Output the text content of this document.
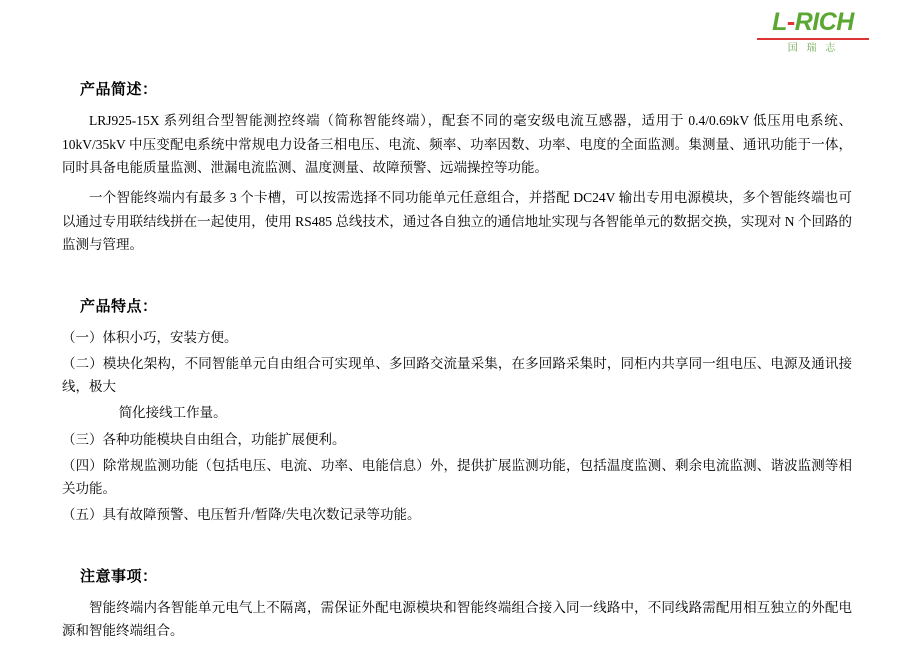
L-RICH
国 瑞 志
产品简述：

LRJ925-15X 系列组合型智能测控终端（简称智能终端），配套不同的毫安级电流互感器，适用于 0.4/0.69kV 低压用电系统、10kV/35kV 中压变配电系统中常规电力设备三相电压、电流、频率、功率因数、功率、电度的全面监测。集测量、通讯功能于一体，同时具备电能质量监测、泄漏电流监测、温度测量、故障预警、远端操控等功能。

一个智能终端内有最多 3 个卡槽，可以按需选择不同功能单元任意组合，并搭配 DC24V 输出专用电源模块，多个智能终端也可以通过专用联结线拼在一起使用，使用 RS485 总线技术，通过各自独立的通信地址实现与各智能单元的数据交换，实现对 N 个回路的监测与管理。

产品特点：

（一）体积小巧，安装方便。

（二）模块化架构，不同智能单元自由组合可实现单、多回路交流量采集，在多回路采集时，同柜内共享同一组电压、电源及通讯接线，极大

简化接线工作量。

（三）各种功能模块自由组合，功能扩展便利。

（四）除常规监测功能（包括电压、电流、功率、电能信息）外，提供扩展监测功能，包括温度监测、剩余电流监测、谐波监测等相关功能。

（五）具有故障预警、电压暂升/暂降/失电次数记录等功能。

注意事项：

智能终端内各智能单元电气上不隔离，需保证外配电源模块和智能终端组合接入同一线路中，不同线路需配用相互独立的外配电源和智能终端组合。
